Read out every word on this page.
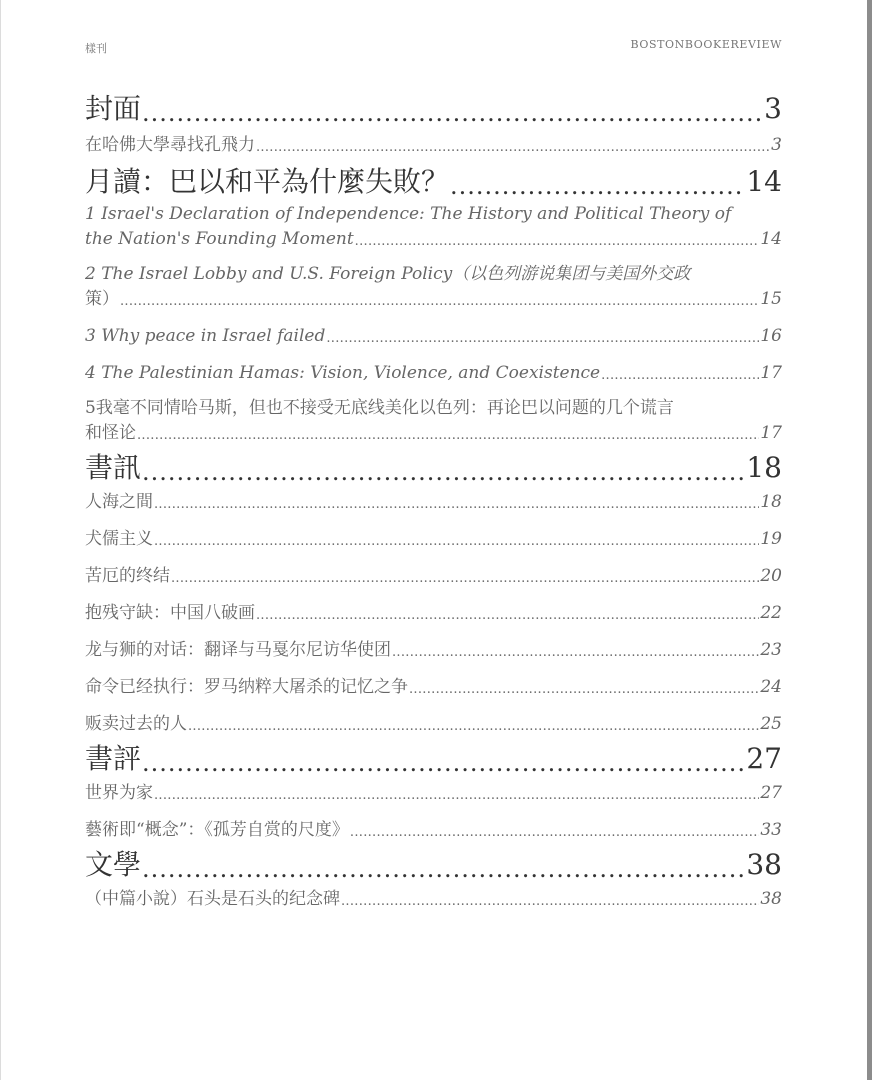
樣刊	BOSTONBOOKEREVIEW
封面 .....	3
在哈佛大學尋找孔飛力 .....	3
月讀：巴以和平為什麼失敗？ .....	14
1 Israel's Declaration of Independence: The History and Political Theory of
the Nation's Founding Moment .....	14
2 The Israel Lobby and U.S. Foreign Policy（以色列游说集团与美国外交政
策） .....	15
3 Why peace in Israel failed .....	16
4 The Palestinian Hamas: Vision, Violence, and Coexistence .....	17
5我毫不同情哈马斯，但也不接受无底线美化以色列：再论巴以问题的几个谎言
和怪论 .....	17
書訊 .....	18
人海之間 .....	18
犬儒主义 .....	19
苦厄的终结 .....	20
抱残守缺：中国八破画 .....	22
龙与狮的对话：翻译与马戛尔尼访华使团 .....	23
命令已经执行：罗马纳粹大屠杀的记忆之争 .....	24
贩卖过去的人 .....	25
書評 .....	27
世界为家 .....	27
藝術即“概念”：《孤芳自赏的尺度》 .....	33
文學 .....	38
（中篇小說）石头是石头的纪念碑 .....	38
